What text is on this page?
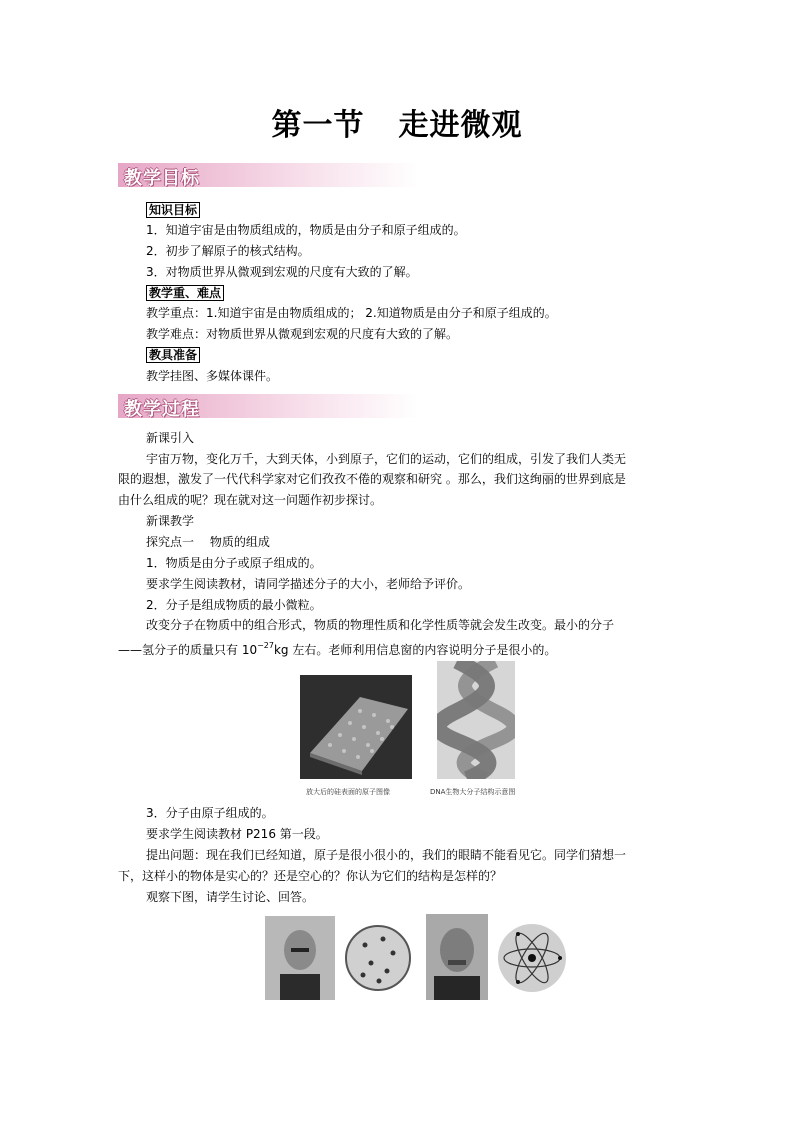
第一节 走进微观
教学目标
知识目标
1．知道宇宙是由物质组成的，物质是由分子和原子组成的。
2．初步了解原子的核式结构。
3．对物质世界从微观到宏观的尺度有大致的了解。
教学重、难点
教学重点：1.知道宇宙是由物质组成的； 2.知道物质是由分子和原子组成的。
教学难点：对物质世界从微观到宏观的尺度有大致的了解。
教具准备
教学挂图、多媒体课件。
教学过程
新课引入
宇宙万物，变化万千，大到天体，小到原子，它们的运动，它们的组成，引发了我们人类无
限的遐想，激发了一代代科学家对它们孜孜不倦的观察和研究 。那么，我们这绚丽的世界到底是
由什么组成的呢？现在就对这一问题作初步探讨。
新课教学
探究点一　 物质的组成
1．物质是由分子或原子组成的。
要求学生阅读教材，请同学描述分子的大小，老师给予评价。
2．分子是组成物质的最小微粒。
改变分子在物质中的组合形式，物质的物理性质和化学性质等就会发生改变。最小的分子
——氢分子的质量只有 $10^{-27}kg$ 左右。老师利用信息窗的内容说明分子是很小的。
放大后的硅表面的原子图像	DNA生物大分子结构示意图
3．分子由原子组成的。
要求学生阅读教材 P216 第一段。
提出问题：现在我们已经知道，原子是很小很小的，我们的眼睛不能看见它。同学们猜想一
下，这样小的物体是实心的？还是空心的？你认为它们的结构是怎样的？
观察下图，请学生讨论、回答。
